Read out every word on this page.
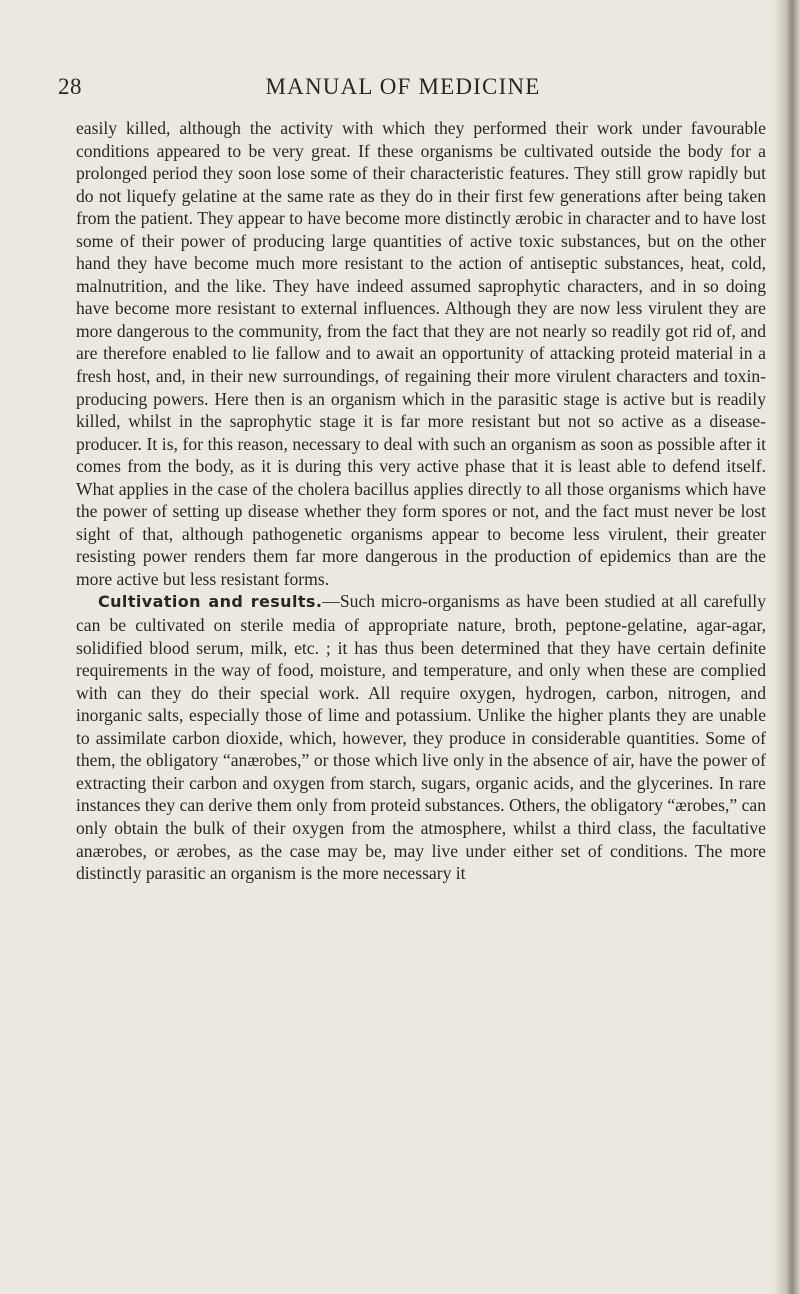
28	MANUAL OF MEDICINE

easily killed, although the activity with which they performed their work under favourable conditions appeared to be very great. If these organisms be cultivated outside the body for a prolonged period they soon lose some of their characteristic features. They still grow rapidly but do not liquefy gelatine at the same rate as they do in their first few generations after being taken from the patient. They appear to have become more distinctly ærobic in character and to have lost some of their power of producing large quantities of active toxic substances, but on the other hand they have become much more resistant to the action of antiseptic substances, heat, cold, malnutrition, and the like. They have indeed assumed saprophytic characters, and in so doing have become more resistant to external influences. Although they are now less virulent they are more dangerous to the community, from the fact that they are not nearly so readily got rid of, and are therefore enabled to lie fallow and to await an opportunity of attacking proteid material in a fresh host, and, in their new surroundings, of regaining their more virulent characters and toxin-producing powers. Here then is an organism which in the parasitic stage is active but is readily killed, whilst in the saprophytic stage it is far more resistant but not so active as a disease-producer. It is, for this reason, necessary to deal with such an organism as soon as possible after it comes from the body, as it is during this very active phase that it is least able to defend itself. What applies in the case of the cholera bacillus applies directly to all those organisms which have the power of setting up disease whether they form spores or not, and the fact must never be lost sight of that, although pathogenetic organisms appear to become less virulent, their greater resisting power renders them far more dangerous in the production of epidemics than are the more active but less resistant forms.

Cultivation and results.—Such micro-organisms as have been studied at all carefully can be cultivated on sterile media of appropriate nature, broth, peptone-gelatine, agar-agar, solidified blood serum, milk, etc. ; it has thus been determined that they have certain definite requirements in the way of food, moisture, and temperature, and only when these are complied with can they do their special work. All require oxygen, hydrogen, carbon, nitrogen, and inorganic salts, especially those of lime and potassium. Unlike the higher plants they are unable to assimilate carbon dioxide, which, however, they produce in considerable quantities. Some of them, the obligatory “anærobes,” or those which live only in the absence of air, have the power of extracting their carbon and oxygen from starch, sugars, organic acids, and the glycerines. In rare instances they can derive them only from proteid substances. Others, the obligatory “ærobes,” can only obtain the bulk of their oxygen from the atmosphere, whilst a third class, the facultative anærobes, or ærobes, as the case may be, may live under either set of conditions. The more distinctly parasitic an organism is the more necessary it
